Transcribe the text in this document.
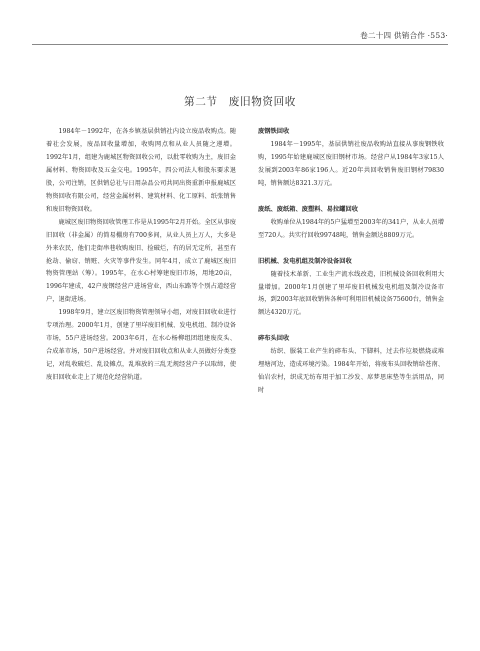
卷二十四 供销合作 ·553·
第二节　废旧物资回收

1984年－1992年，在各乡镇基层供销社内设立废品收购点。随着社会发展，废品回收量增加，收购网点和从业人员随之递增。1992年1月，组建为鹿城区物资回收公司，以批零收购为主，废旧金属材料、物资回收及五金交电。1995年，四公司法人和股东要求退股，公司注销，区供销总社与日用杂品公司共同出资重新申报鹿城区物资回收有限公司，经营金属材料、建筑材料、化工原料、纸张销售和废旧物资回收。

鹿城区废旧物资回收管理工作是从1995年2月开始。全区从事废旧回收（非金属）的简易棚房有700多间，从业人员上万人，大多是外来农民，他们走街串巷收购废旧、捡破烂，有的居无定所，甚至有抢劫、偷窃、销赃、火灾等事件发生。同年4月，成立了鹿城区废旧物资管理站（筹）。1995年，在水心村筹建废旧市场，用地20亩，1996年建成，42户废钢经营户进场营业，西山东路等个别占道经营户，退街进场。

1998年9月，建立区废旧物资管理领导小组，对废旧回收业进行专项治理。2000年1月，创建了里垟废旧机械、发电机组、制冷设备市场，55户进场经营。2003年6月，在水心杨柳组团组建废皮头、合成革市场，50户进场经营。并对废旧回收点和从业人员做好分类登记，对乱收破烂、乱设摊点，乱堆放的三乱无规经营户予以取缔，使废旧回收业走上了规范化经营轨道。

废钢铁回收

1984年－1995年，基层供销社废品收购站直接从事废钢铁收购，1995年始建鹿城区废旧钢材市场。经营户从1984年3家15人发展到2003年86家196人。近20年共回收销售废旧钢材79830吨，销售额达8321.3万元。

废纸、废纸箱、废塑料、易拉罐回收

收购单位从1984年的5户猛增至2003年的341户，从业人员增至720人。共实行回收99748吨，销售金额达8809万元。

旧机械、发电机组及制冷设备回收

随着技术革新、工业生产流水线改造，旧机械设备回收利用大量增加。2000年1月创建了里垟废旧机械发电机组及制冷设备市场，到2003年底回收销售各种可利用旧机械设备75600台，销售金额达4320万元。

碎布头回收

纺织、服装工业产生的碎布头、下脚料，过去作垃圾燃烧或堆埋塘河边，造成环境污染。1984年开始，将废布头回收销给苍南、仙岩农村，织成无纺布用于加工沙发、席梦思床垫等生活用品，同时
